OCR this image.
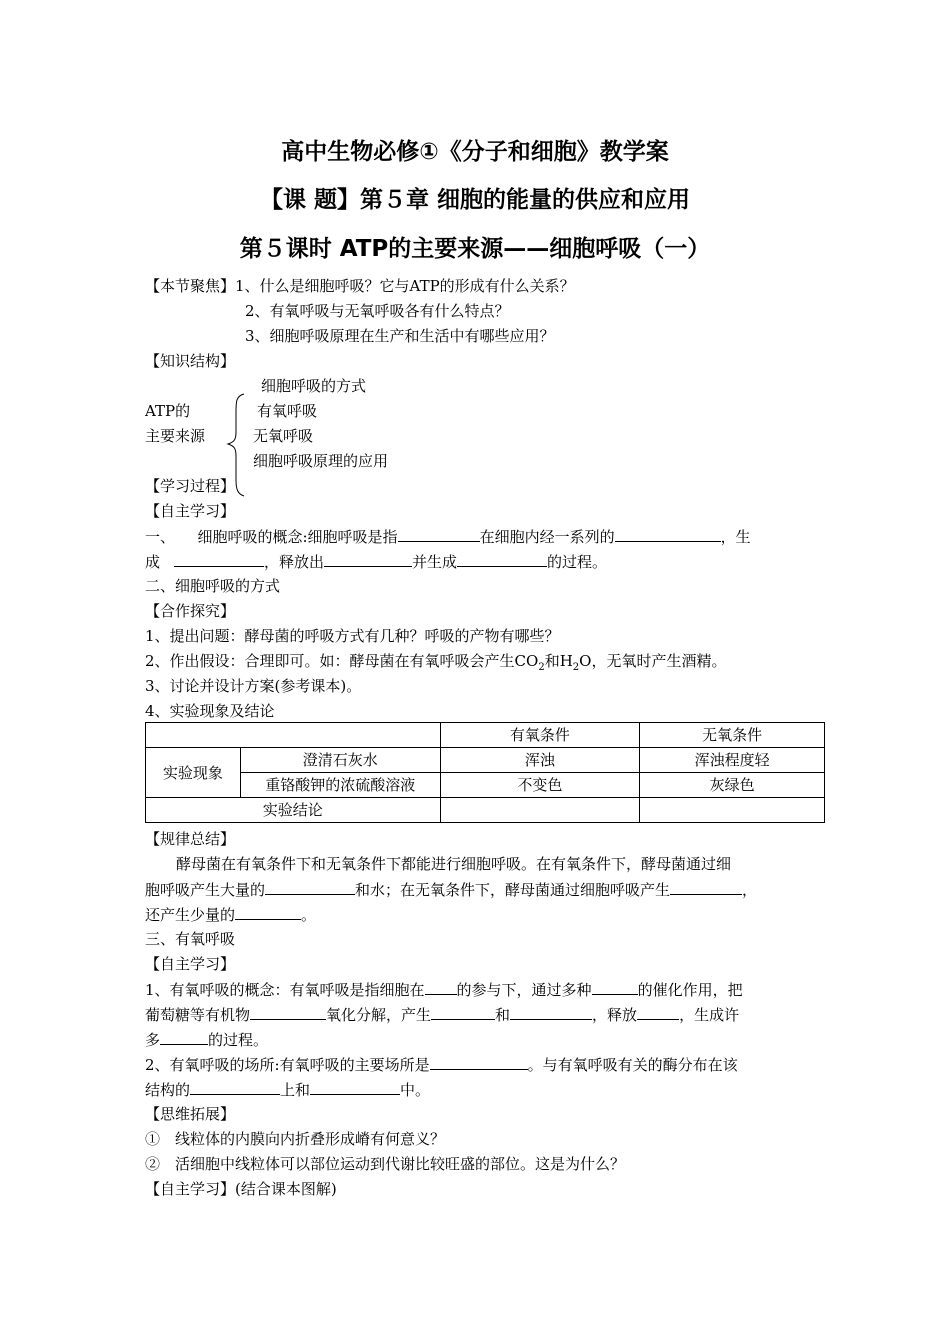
高中生物必修①《分子和细胞》教学案
【课 题】第５章 细胞的能量的供应和应用
第５课时 ATP的主要来源——细胞呼吸（一）
【本节聚焦】1、什么是细胞呼吸？它与ATP的形成有什么关系？
2、有氧呼吸与无氧呼吸各有什么特点？
3、细胞呼吸原理在生产和生活中有哪些应用？
【知识结构】
ATP的
主要来源
细胞呼吸的方式
有氧呼吸
无氧呼吸
细胞呼吸原理的应用
【学习过程】
【自主学习】
一、　　细胞呼吸的概念:细胞呼吸是指	在细胞内经一系列的	，生
成	，释放出	并生成	的过程。
二、细胞呼吸的方式
【合作探究】
1、提出问题：酵母菌的呼吸方式有几种？呼吸的产物有哪些？
2、作出假设：合理即可。如：酵母菌在有氧呼吸会产生$CO_2$和$H_2O$，无氧时产生酒精。
3、讨论并设计方案(参考课本)。
4、实验现象及结论
		有氧条件	无氧条件
实验现象	澄清石灰水	浑浊	浑浊程度轻
	重铬酸钾的浓硫酸溶液	不变色	灰绿色
实验结论			
【规律总结】
酵母菌在有氧条件下和无氧条件下都能进行细胞呼吸。在有氧条件下，酵母菌通过细
胞呼吸产生大量的	和水；在无氧条件下，酵母菌通过细胞呼吸产生	，
还产生少量的	。
三、有氧呼吸
【自主学习】
1、有氧呼吸的概念：有氧呼吸是指细胞在 的参与下，通过多种	的催化作用，把
葡萄糖等有机物	氧化分解，产生	和	，释放	，生成许
多	的过程。
2、有氧呼吸的场所:有氧呼吸的主要场所是	。与有氧呼吸有关的酶分布在该
结构的	上和	中。
【思维拓展】
①　线粒体的内膜向内折叠形成嵴有何意义？
②　活细胞中线粒体可以部位运动到代谢比较旺盛的部位。这是为什么？
【自主学习】(结合课本图解)
